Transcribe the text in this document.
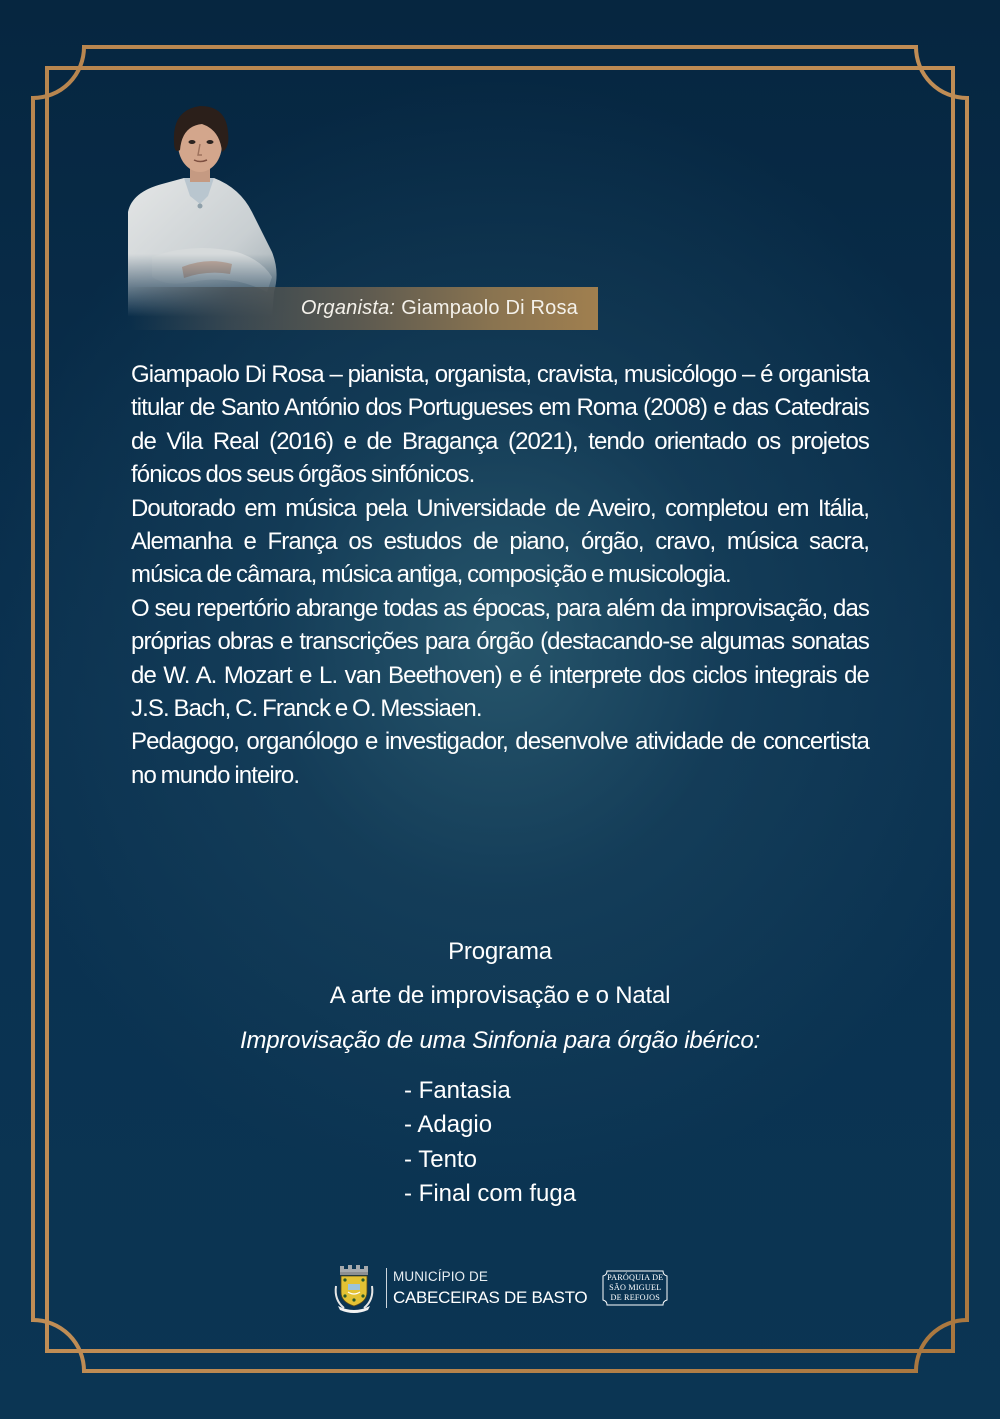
Organista: Giampaolo Di Rosa

Giampaolo Di Rosa – pianista, organista, cravista, musicólogo – é organista titular de Santo António dos Portugueses em Roma (2008) e das Catedrais de Vila Real (2016) e de Bragança (2021), tendo orientado os projetos fónicos dos seus órgãos sinfónicos.

Doutorado em música pela Universidade de Aveiro, completou em Itália, Alemanha e França os estudos de piano, órgão, cravo, música sacra, música de câmara, música antiga, composição e musicologia.

O seu repertório abrange todas as épocas, para além da improvisação, das próprias obras e transcrições para órgão (destacando-se algumas sonatas de W. A. Mozart e L. van Beethoven) e é interprete dos ciclos integrais de J.S. Bach, C. Franck e O. Messiaen.

Pedagogo, organólogo e investigador, desenvolve atividade de concertista no mundo inteiro.

Programa
A arte de improvisação e o Natal
Improvisação de uma Sinfonia para órgão ibérico:
- Fantasia
- Adagio
- Tento
- Final com fuga
MUNICÍPIO DE
CABECEIRAS DE BASTO
PARÓQUIA DE
SÃO MIGUEL
DE REFOJOS
